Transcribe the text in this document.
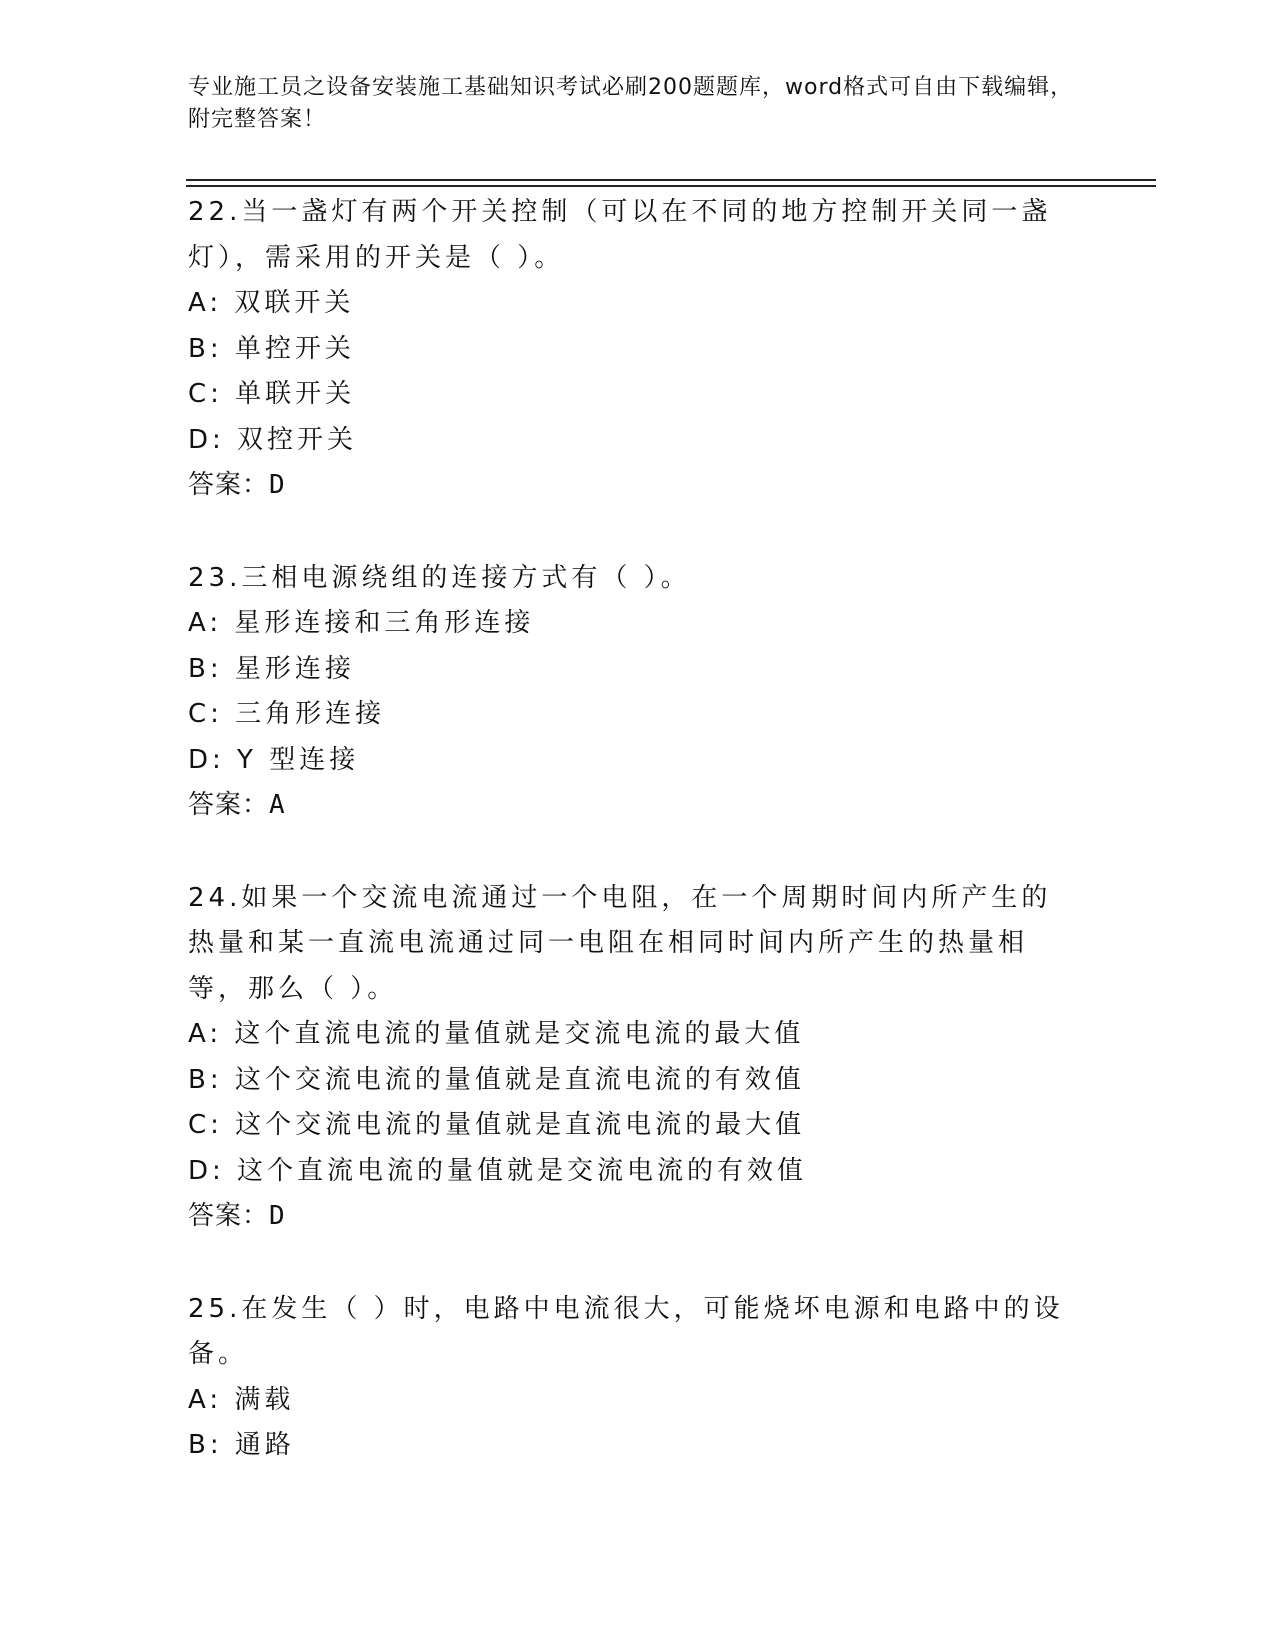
专业施工员之设备安装施工基础知识考试必刷200题题库，word格式可自由下载编辑，附完整答案！
22.当一盏灯有两个开关控制（可以在不同的地方控制开关同一盏灯），需采用的开关是（ ）。
A: 双联开关
B: 单控开关
C: 单联开关
D: 双控开关
答案：D
23.三相电源绕组的连接方式有（ ）。
A: 星形连接和三角形连接
B: 星形连接
C: 三角形连接
D: Y 型连接
答案：A
24.如果一个交流电流通过一个电阻，在一个周期时间内所产生的热量和某一直流电流通过同一电阻在相同时间内所产生的热量相等，那么（ ）。
A: 这个直流电流的量值就是交流电流的最大值
B: 这个交流电流的量值就是直流电流的有效值
C: 这个交流电流的量值就是直流电流的最大值
D: 这个直流电流的量值就是交流电流的有效值
答案：D
25.在发生（ ）时，电路中电流很大，可能烧坏电源和电路中的设备。
A: 满载
B: 通路
